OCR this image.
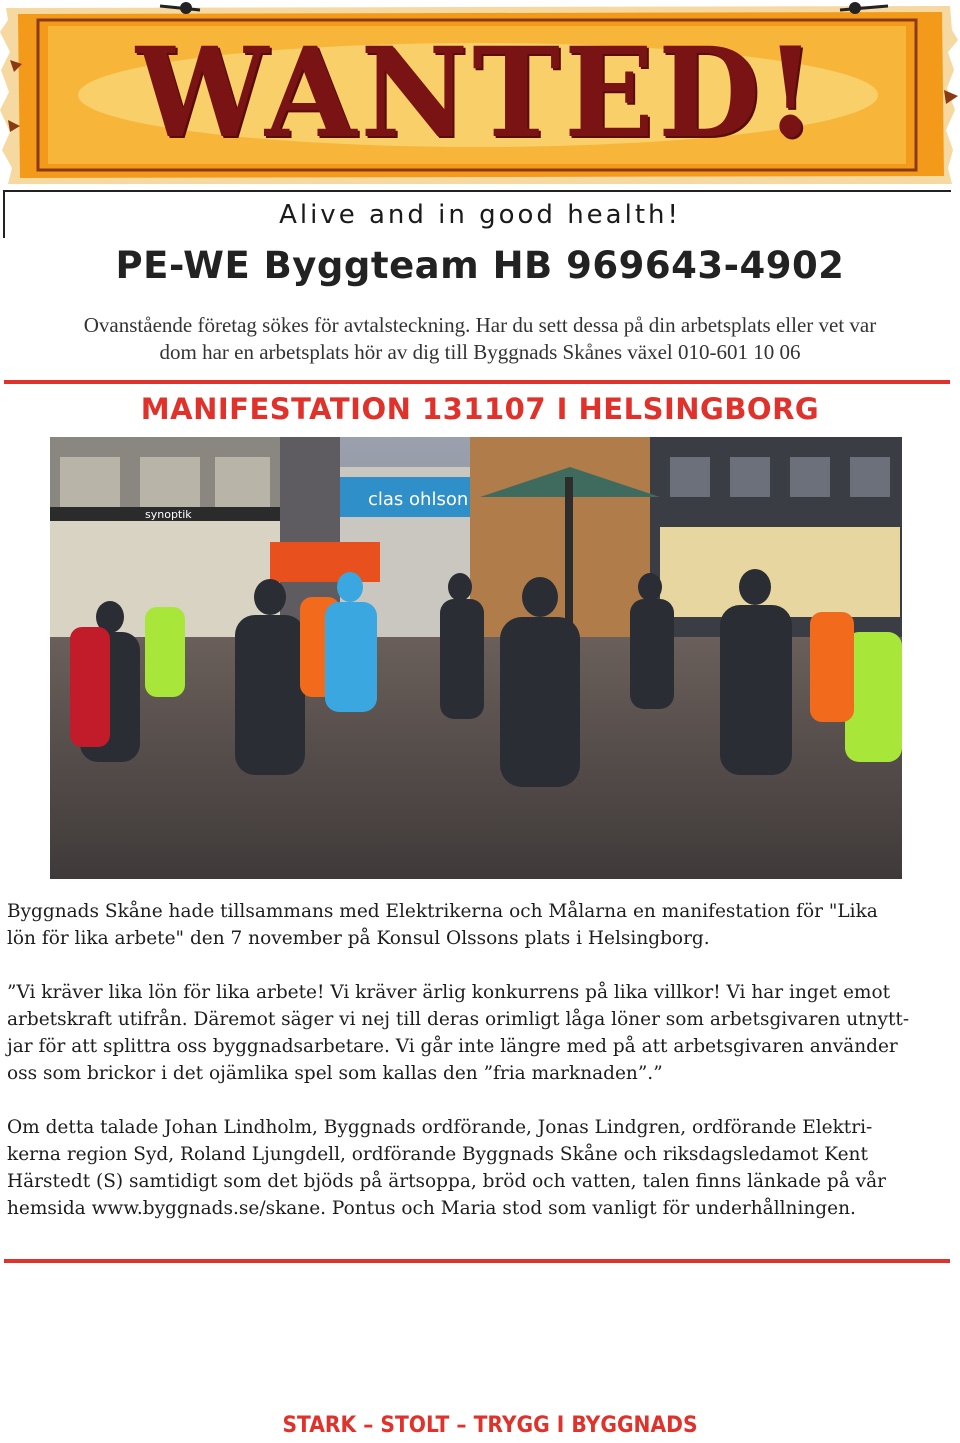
WANTED!
Alive and in good health!
PE-WE Byggteam HB 969643-4902
Ovanstående företag sökes för avtalsteckning. Har du sett dessa på din arbetsplats eller vet var
dom har en arbetsplats hör av dig till Byggnads Skånes växel 010-601 10 06
MANIFESTATION 131107 I HELSINGBORG
synoptik
clas ohlson
Byggnads Skåne hade tillsammans med Elektrikerna och Målarna en manifestation för "Lika
lön för lika arbete" den 7 november på Konsul Olssons plats i Helsingborg.
”Vi kräver lika lön för lika arbete! Vi kräver ärlig konkurrens på lika villkor! Vi har inget emot
arbetskraft utifrån. Däremot säger vi nej till deras orimligt låga löner som arbetsgivaren utnytt-
jar för att splittra oss byggnadsarbetare. Vi går inte längre med på att arbetsgivaren använder
oss som brickor i det ojämlika spel som kallas den ”fria marknaden”.”
Om detta talade Johan Lindholm, Byggnads ordförande, Jonas Lindgren, ordförande Elektri-
kerna region Syd, Roland Ljungdell, ordförande Byggnads Skåne och riksdagsledamot Kent
Härstedt (S) samtidigt som det bjöds på ärtsoppa, bröd och vatten, talen finns länkade på vår
hemsida www.byggnads.se/skane. Pontus och Maria stod som vanligt för underhållningen.
STARK – STOLT – TRYGG I BYGGNADS
